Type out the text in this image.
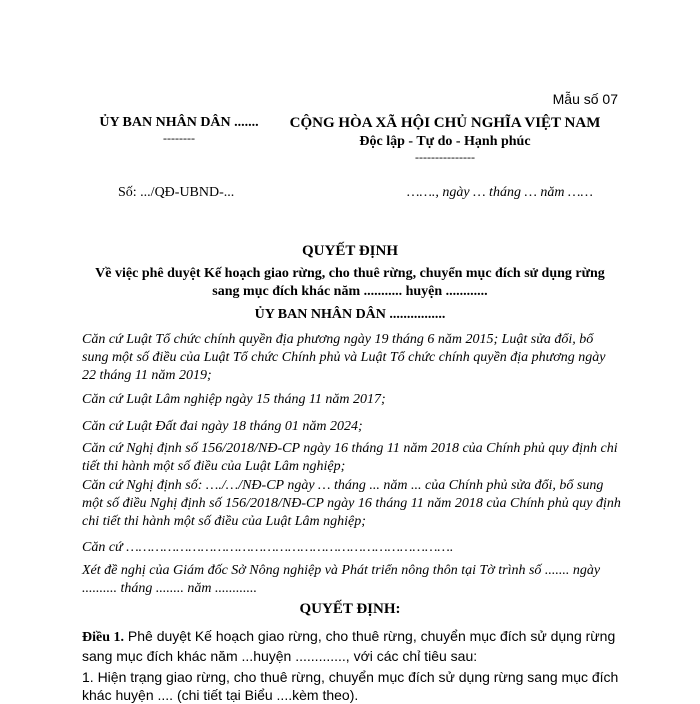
Mẫu số 07
ỦY BAN NHÂN DÂN .......
--------
CỘNG HÒA XÃ HỘI CHỦ NGHĨA VIỆT NAM
Độc lập - Tự do - Hạnh phúc
---------------
Số: .../QĐ-UBND-...	……., ngày … tháng … năm ……
QUYẾT ĐỊNH
Về việc phê duyệt Kế hoạch giao rừng, cho thuê rừng, chuyển mục đích sử dụng rừng sang mục đích khác năm ........... huyện ............
ỦY BAN NHÂN DÂN ................
Căn cứ Luật Tổ chức chính quyền địa phương ngày 19 tháng 6 năm 2015; Luật sửa đổi, bổ sung một số điều của Luật Tổ chức Chính phủ và Luật Tổ chức chính quyền địa phương ngày 22 tháng 11 năm 2019;
Căn cứ Luật Lâm nghiệp ngày 15 tháng 11 năm 2017;
Căn cứ Luật Đất đai ngày 18 tháng 01 năm 2024;
Căn cứ Nghị định số 156/2018/NĐ-CP ngày 16 tháng 11 năm 2018 của Chính phủ quy định chi tiết thi hành một số điều của Luật Lâm nghiệp;
Căn cứ Nghị định số: …./…/NĐ-CP ngày … tháng ... năm ... của Chính phủ sửa đổi, bổ sung một số điều Nghị định số 156/2018/NĐ-CP ngày 16 tháng 11 năm 2018 của Chính phủ quy định chi tiết thi hành một số điều của Luật Lâm nghiệp;
Căn cứ …………………………………………………………………….
Xét đề nghị của Giám đốc Sở Nông nghiệp và Phát triển nông thôn tại Tờ trình số ....... ngày .......... tháng ........ năm ............
QUYẾT ĐỊNH:
Điều 1. Phê duyệt Kế hoạch giao rừng, cho thuê rừng, chuyển mục đích sử dụng rừng sang mục đích khác năm ...huyện ............., với các chỉ tiêu sau:
1. Hiện trạng giao rừng, cho thuê rừng, chuyển mục đích sử dụng rừng sang mục đích khác huyện .... (chi tiết tại Biểu ....kèm theo).
